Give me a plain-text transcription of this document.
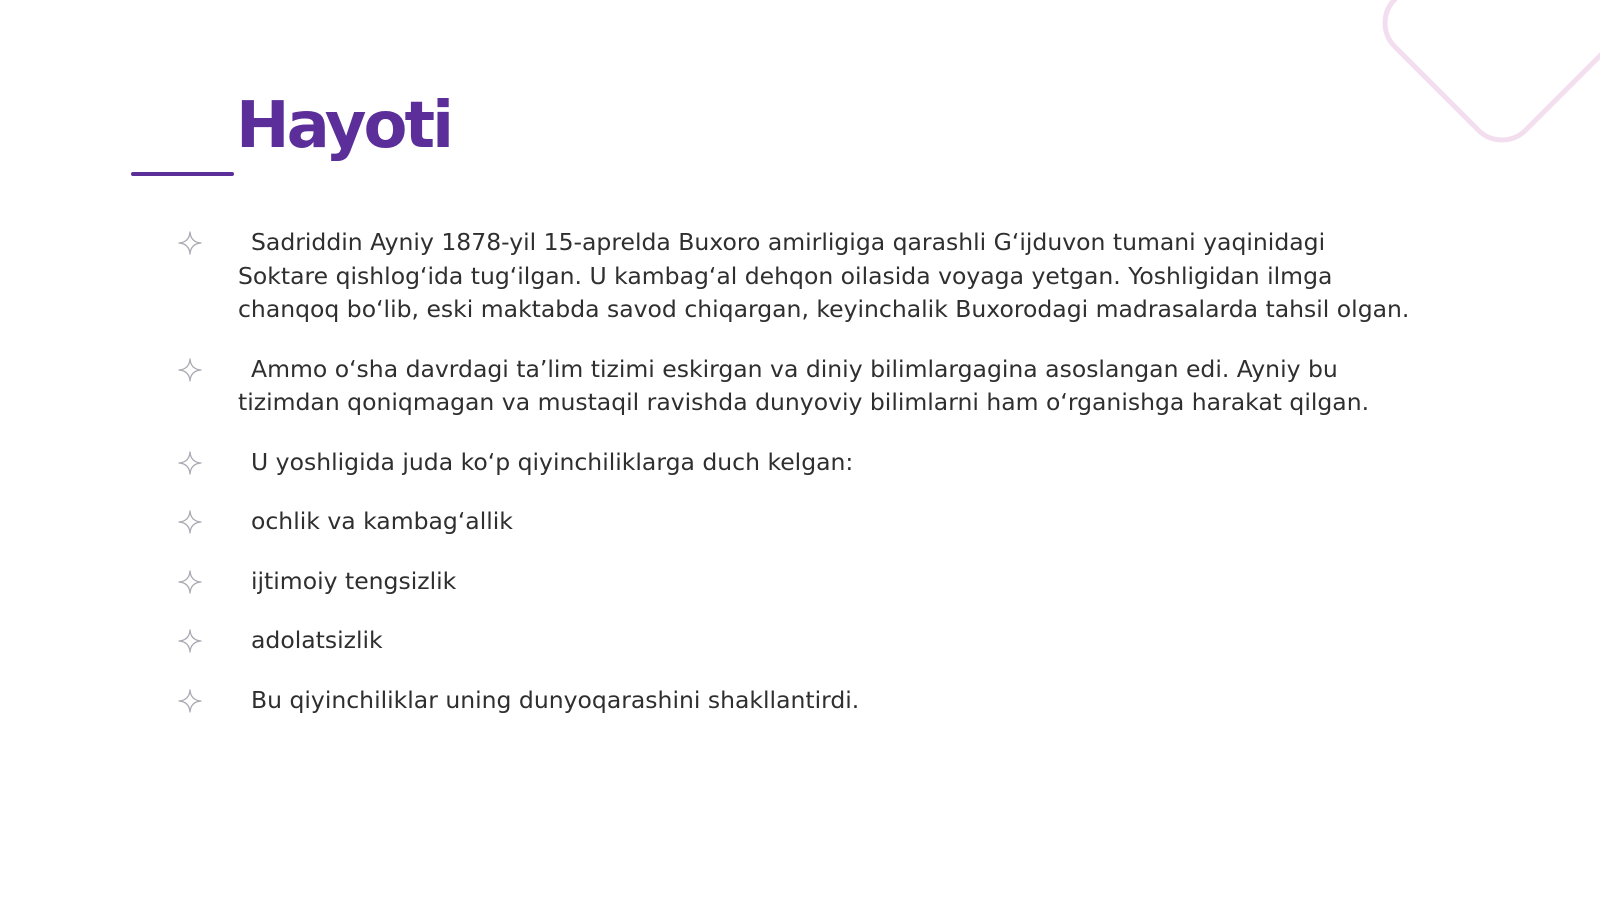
Hayoti
Sadriddin Ayniy 1878-yil 15-aprelda Buxoro amirligiga qarashli G‘ijduvon tumani yaqinidagi Soktare qishlog‘ida tug‘ilgan. U kambag‘al dehqon oilasida voyaga yetgan. Yoshligidan ilmga chanqoq bo‘lib, eski maktabda savod chiqargan, keyinchalik Buxorodagi madrasalarda tahsil olgan.
Ammo o‘sha davrdagi ta’lim tizimi eskirgan va diniy bilimlargagina asoslangan edi. Ayniy bu tizimdan qoniqmagan va mustaqil ravishda dunyoviy bilimlarni ham o‘rganishga harakat qilgan.
U yoshligida juda ko‘p qiyinchiliklarga duch kelgan:
ochlik va kambag‘allik
ijtimoiy tengsizlik
adolatsizlik
Bu qiyinchiliklar uning dunyoqarashini shakllantirdi.
